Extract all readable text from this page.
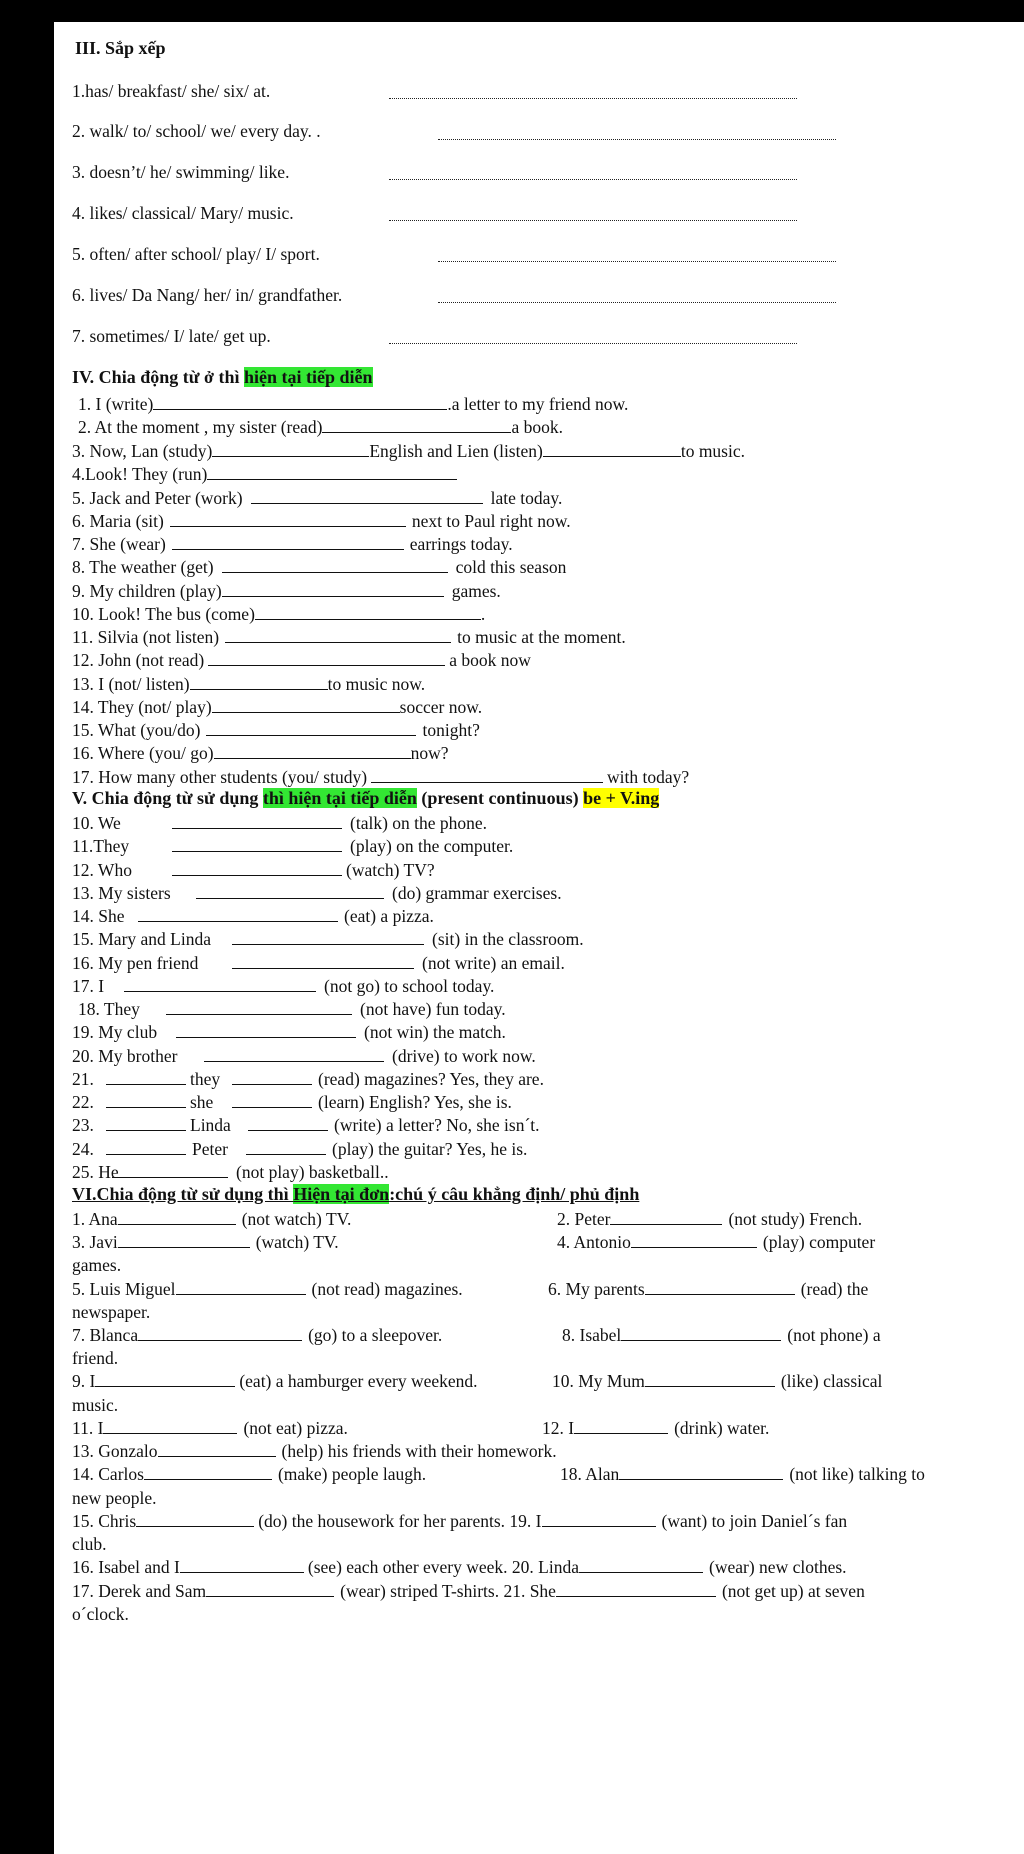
III. Sắp xếp
1.has/ breakfast/ she/ six/ at.
2. walk/ to/ school/ we/ every day. .
3. doesn’t/ he/ swimming/ like.
4. likes/ classical/ Mary/ music.
5. often/ after school/ play/ I/ sport.
6. lives/ Da Nang/ her/ in/ grandfather.
7. sometimes/ I/ late/ get up.
IV. Chia động từ ở thì hiện tại tiếp diễn
1. I (write)	.a letter to my friend now.
2. At the moment , my sister (read)	a book.
3. Now, Lan (study)	English and Lien (listen)	to music.
4.Look! They (run)
5. Jack and Peter (work)	late today.
6. Maria (sit)	next to Paul right now.
7. She (wear)	earrings today.
8. The weather (get)	cold this season
9. My children (play)	games.
10. Look! The bus (come)	.
11. Silvia (not listen)	to music at the moment.
12. John (not read)	a book now
13. I (not/ listen)	to music now.
14. They (not/ play)	soccer now.
15. What (you/do)	tonight?
16. Where (you/ go)	now?
17. How many other students (you/ study)	with today?
V. Chia động từ sử dụng thì hiện tại tiếp diễn (present continuous) be + V.ing
10. We	(talk) on the phone.
11.They	(play) on the computer.
12. Who	(watch) TV?
13. My sisters	(do) grammar exercises.
14. She	(eat) a pizza.
15. Mary and Linda	(sit) in the classroom.
16. My pen friend	(not write) an email.
17. I	(not go) to school today.
18. They	(not have) fun today.
19. My club	(not win) the match.
20. My brother	(drive) to work now.
21.	they	(read) magazines? Yes, they are.
22.	she	(learn) English? Yes, she is.
23.	Linda	(write) a letter? No, she isn´t.
24.	Peter	(play) the guitar? Yes, he is.
25. He	(not play) basketball..
VI.Chia động từ sử dụng thì Hiện tại đơn:chú ý câu khẳng định/ phủ định
1. Ana	(not watch) TV.	2. Peter	(not study) French.
3. Javi	(watch) TV.	4. Antonio	(play) computer
games.
5. Luis Miguel	(not read) magazines.	6. My parents	(read) the
newspaper.
7. Blanca	(go) to a sleepover.	8. Isabel	(not phone) a
friend.
9. I	(eat) a hamburger every weekend.	10. My Mum	(like) classical
music.
11. I	(not eat) pizza.	12. I	(drink) water.
13. Gonzalo	(help) his friends with their homework.
14. Carlos	(make) people laugh.	18. Alan	(not like) talking to
new people.
15. Chris	(do) the housework for her parents. 19. I	(want) to join Daniel´s fan
club.
16. Isabel and I	(see) each other every week. 20. Linda	(wear) new clothes.
17. Derek and Sam	(wear) striped T-shirts. 21. She	(not get up) at seven
o´clock.
